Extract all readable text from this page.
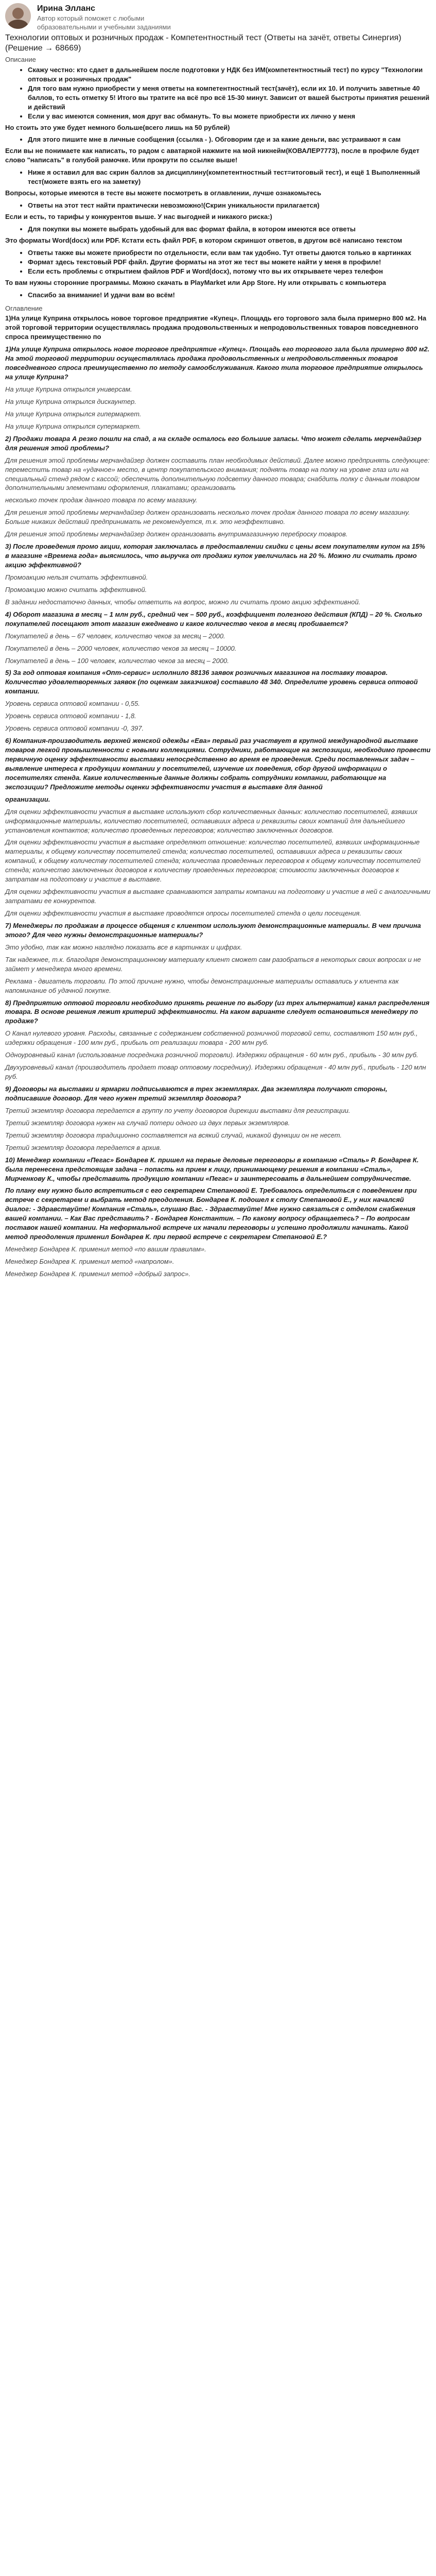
Ирина Элланс
Автор который поможет с любыми образовательными и учебными заданиями
Технологии оптовых и розничных продаж - Компетентностный тест (Ответы на зачёт, ответы Синергия) (Решение → 68669)
Описание
• Скажу честно: кто сдает в дальнейшем после подготовки у НДК без ИМ(компетентностный тест) по курсу "Технологии оптовых и розничных продаж"
• Для того вам нужно приобрести у меня ответы на компетентностный тест(зачёт), если их 10. И получить заветные 40 баллов, то есть отметку 5! Итого вы тратите на всё про всё 15-30 минут. Зависит от вашей быстроты принятия решений и действий
• Если у вас имеются сомнения, моя друг вас обмануть. То вы можете приобрести их лично у меня

Но стоить это уже будет немного больше(всего лишь на 50 рублей)

• Для этого пишите мне в личные сообщения (ссылка - ). Обговорим где и за какие деньги, вас устраивают я сам

Если вы не понимаете как написать, то радом с аватаркой нажмите на мой никнейм(КОВАЛЕР7773), после в профиле будет слово "написать" в голубой рамочке. Или прокрути по ссылке выше!

• Ниже я оставил для вас скрин баллов за дисциплину(компетентностный тест=итоговый тест), и ещё 1 Выполненный тест(можете взять его на заметку)

Вопросы, которые имеются в тесте вы можете посмотреть в оглавлении, лучше ознакомьтесь

• Ответы на этот тест найти практически невозможно!(Скрин уникальности прилагается)

Если и есть, то тарифы у конкурентов выше. У нас выгодней и никакого риска:)

• Для покупки вы можете выбрать удобный для вас формат файла, в котором имеются все ответы

Это форматы Word(docx) или PDF. Кстати есть файл PDF, в котором скриншот ответов, в другом всё написано текстом

• Ответы также вы можете приобрести по отдельности, если вам так удобно. Тут ответы даются только в картинках
• Формат здесь текстовый PDF файл. Другие форматы на этот же тест вы можете найти у меня в профиле!
• Если есть проблемы с открытием файлов PDF и Word(docx), потому что вы их открываете через телефон

То вам нужны сторонние программы. Можно скачать в PlayMarket или App Store. Ну или открывать с компьютера

• Спасибо за внимание! И удачи вам во всём!
Оглавление

1)На улице Куприна открылось новое торговое предприятие «Купец». Площадь его торгового зала была примерно 800 м2. На этой торговой территории осуществлялась продажа продовольственных и непродовольственных товаров повседневного спроса преимущественно по

1)На улице Куприна открылось новое торговое предприятие «Купец». Площадь его торгового зала была примерно 800 м2. На этой торговой территории осуществлялась продажа продовольственных и непродовольственных товаров повседневного спроса преимущественно по методу самообслуживания. Какого типа торговое предприятие открылось на улице Куприна?

На улице Куприна открылся универсам.

На улице Куприна открылся дискаунтер.

На улице Куприна открылся гипермаркет.

На улице Куприна открылся супермаркет.

2) Продажи товара А резко пошли на спад, а на складе осталось его большие запасы. Что может сделать мерчендайзер для решения этой проблемы?

Для решения этой проблемы мерчандайзер должен составить план необходимых действий. Далее можно предпринять следующее: переместить товар на «удачное» место, в центр покупательского внимания; поднять товар на полку на уровне глаз или на специальный стенд рядом с кассой; обеспечить дополнительную подсветку данного товара; снабдить полку с данным товаром дополнительными элементами оформления, плакатами; организовать

несколько точек продаж данного товара по всему магазину.

Для решения этой проблемы мерчандайзер должен организовать несколько точек продаж данного товара по всему магазину. Больше никаких действий предпринимать не рекомендуется, т.к. это неэффективно.

Для решения этой проблемы мерчандайзер должен организовать внутримагазинную переброску товаров.

3) После проведения промо акции, которая заключалась в предоставлении скидки с цены всем покупателям купон на 15% в магазине «Времена года» выяснилось, что выручка от продажи купок увеличилась на 20 %. Можно ли считать промо акцию эффективной?

Промоакцию нельзя считать эффективной.

Промоакцию можно считать эффективной.

В задании недостаточно данных, чтобы ответить на вопрос, можно ли считать промо акцию эффективной.

4) Оборот магазина в месяц – 1 млн руб., средний чек – 500 руб., коэффициент полезного действия (КПД) – 20 %. Сколько покупателей посещают этот магазин ежедневно и какое количество чеков в месяц пробивается?

Покупателей в день – 67 человек, количество чеков за месяц – 2000.

Покупателей в день – 2000 человек, количество чеков за месяц – 10000.

Покупателей в день – 100 человек, количество чеков за месяц – 2000.

5) За год оптовая компания «Опт-сервис» исполнило 88136 заявок розничных магазинов на поставку товаров. Количество удовлетворенных заявок (по оценкам заказчиков) составило 48 340. Определите уровень сервиса оптовой компании.

Уровень сервиса оптовой компании - 0,55.

Уровень сервиса оптовой компании - 1,8.

Уровень сервиса оптовой компании -0, 397.

6) Компания-производитель верхней женской одежды «Ева» первый раз участвует в крупной международной выставке товаров легкой промышленности с новыми коллекциями. Сотрудники, работающие на экспозиции, необходимо провести первичную оценку эффективности выставки непосредственно во время ее проведения. Среди поставленных задач – выявление интереса к продукции компании у посетителей, изучение их поведения, сбор другой информации о посетителях стенда. Какие количественные данные должны собрать сотрудники компании, работающие на экспозиции? Предложите методы оценки эффективности участия в выставке для данной

организации.

Для оценки эффективности участия в выставке используют сбор количественных данных: количество посетителей, взявших информационные материалы, количество посетителей, оставивших адреса и реквизиты своих компаний для дальнейшего установления контактов; количество проведенных переговоров; количество заключенных договоров.

Для оценки эффективности участия в выставке определяют отношение: количество посетителей, взявших информационные материалы, к общему количеству посетителей стенда; количество посетителей, оставивших адреса и реквизиты своих компаний, к общему количеству посетителей стенда; количества проведенных переговоров к общему количеству посетителей стенда; количество заключенных договоров к количеству проведенных переговоров; стоимости заключенных договоров к затратам на подготовку и участие в выставке.

Для оценки эффективности участия в выставке сравниваются затраты компании на подготовку и участие в ней с аналогичными затратами ее конкурентов.

Для оценки эффективности участия в выставке проводятся опросы посетителей стенда о цели посещения.

7) Менеджеры по продажам в процессе общения с клиентом используют демонстрационные материалы. В чем причина этого? Для чего нужны демонстрационные материалы?

Это удобно, так как можно наглядно показать все в картинках и цифрах.

Так надежнее, т.к. благодаря демонстрационному материалу клиент сможет сам разобраться в некоторых своих вопросах и не займет у менеджера много времени.

Реклама - двигатель торговли. По этой причине нужно, чтобы демонстрационные материалы оставались у клиента как напоминание об удачной покупке.

8) Предприятию оптовой торговли необходимо принять решение по выбору (из трех альтернатив) канал распределения товара. В основе решения лежит критерий эффективности. На каком варианте следует остановиться менеджеру по продаже?

О Канал нулевого уровня. Расходы, связанные с содержанием собственной розничной торговой сети, составляют 150 млн руб., издержки обращения - 100 млн руб., прибыль от реализации товара - 200 млн руб.

Одноуровневый канал (использование посредника розничной торговли). Издержки обращения - 60 млн руб., прибыль - 30 млн руб.

Двухуровневый канал (производитель продает товар оптовому посреднику). Издержки обращения - 40 млн руб., прибыль - 120 млн руб.

9) Договоры на выставки и ярмарки подписываются в трех экземплярах. Два экземпляра получают стороны, подписавшие договор. Для чего нужен третий экземпляр договора?

Третий экземпляр договора передается в группу по учету договоров дирекции выставки для регистрации.

Третий экземпляр договора нужен на случай потери одного из двух первых экземпляров.

Третий экземпляр договора традиционно составляется на всякий случай, никакой функции он не несет.

Третий экземпляр договора передается в архив.

10) Менеджер компании «Пегас» Бондарев К. пришел на первые деловые переговоры в компанию «Сталь» Р. Бондарев К. была перенесена предстоящая задача – попасть на прием к лицу, принимающему решения в компании «Сталь», Мирченкову К., чтобы представить продукцию компании «Пегас» и заинтересовать в дальнейшем сотрудничестве.

По плану ему нужно было встретиться с его секретарем Степановой Е. Требовалось определиться с поведением при встрече с секретарем и выбрать метод преодоления. Бондарев К. подошел к столу Степановой Е., у них началсяй диалог: - Здравствуйте! Компания «Сталь», слушаю Вас. - Здравствуйте! Мне нужно связаться с отделом снабжения вашей компании. – Как Вас представить? - Бондарев Константин. – По какому вопросу обращаетесь? – По вопросам поставок нашей компании. На неформальной встрече их начали переговоры и успешно продолжили начинать. Какой метод преодоления применил Бондарев К. при первой встрече с секретарем Степановой Е.?

Менеджер Бондарев К. применил метод «по вашим правилам».

Менеджер Бондарев К. применил метод «напролом».

Менеджер Бондарев К. применил метод «добрый запрос».
